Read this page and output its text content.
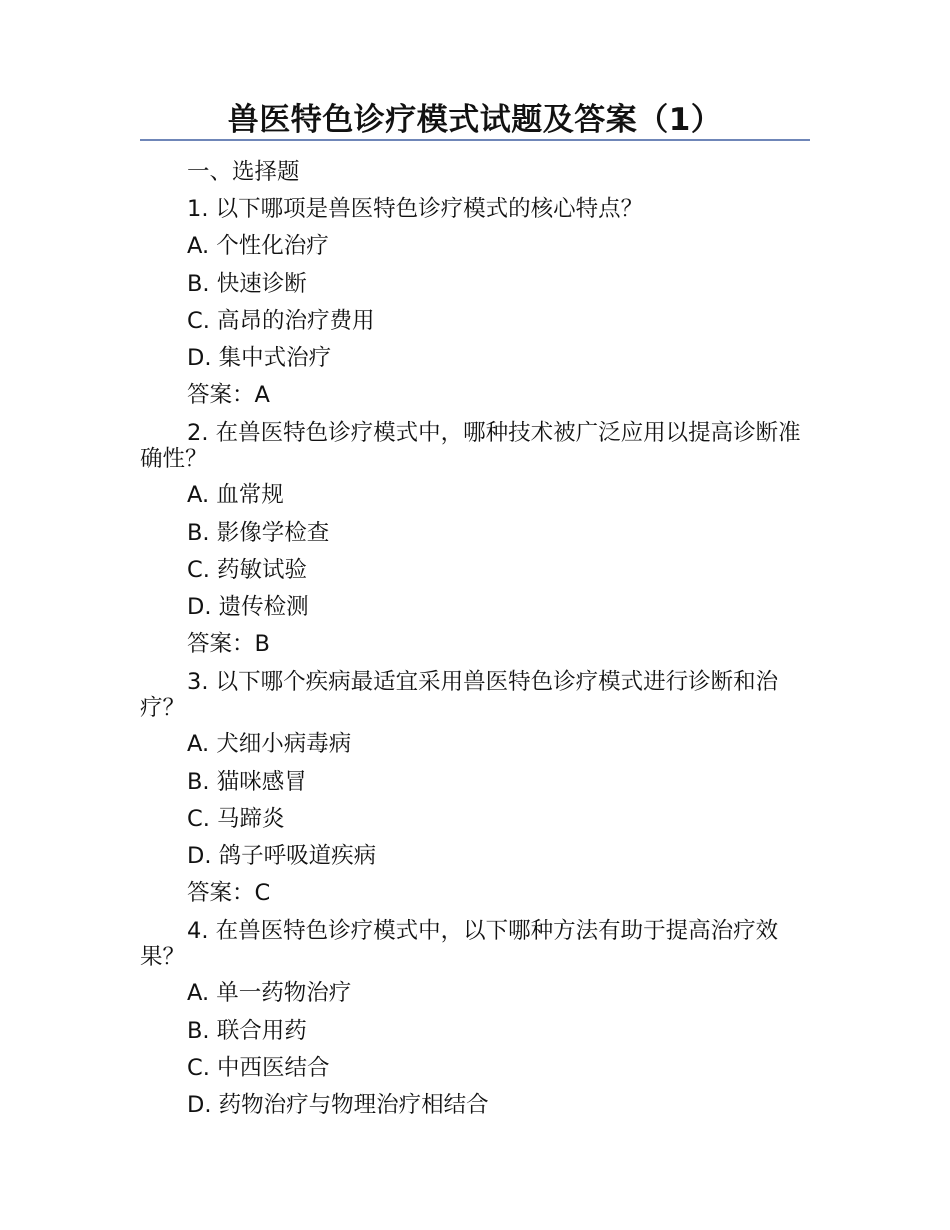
兽医特色诊疗模式试题及答案（1）
一、选择题
1. 以下哪项是兽医特色诊疗模式的核心特点？
A. 个性化治疗
B. 快速诊断
C. 高昂的治疗费用
D. 集中式治疗
答案：A
2. 在兽医特色诊疗模式中，哪种技术被广泛应用以提高诊断准确性？
A. 血常规
B. 影像学检查
C. 药敏试验
D. 遗传检测
答案：B
3. 以下哪个疾病最适宜采用兽医特色诊疗模式进行诊断和治疗？
A. 犬细小病毒病
B. 猫咪感冒
C. 马蹄炎
D. 鸽子呼吸道疾病
答案：C
4. 在兽医特色诊疗模式中，以下哪种方法有助于提高治疗效果？
A. 单一药物治疗
B. 联合用药
C. 中西医结合
D. 药物治疗与物理治疗相结合
